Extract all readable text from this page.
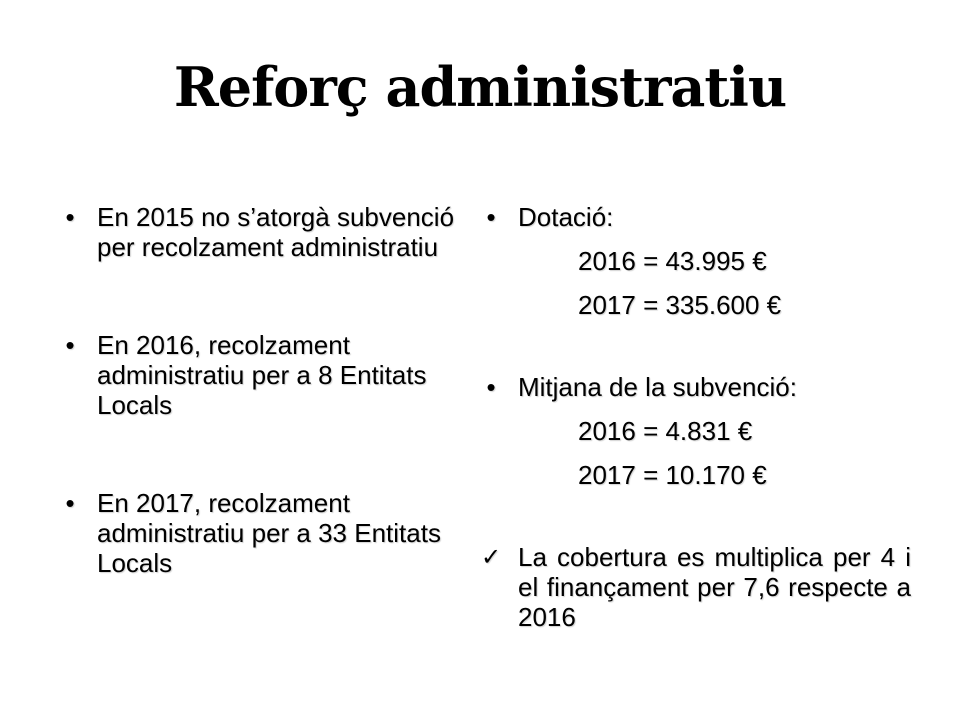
Reforç administratiu
• En 2015 no s’atorgà subvenció per recolzament administratiu
• En 2016, recolzament administratiu per a 8 Entitats Locals
• En 2017, recolzament administratiu per a 33 Entitats Locals
• Dotació:
2016 = 43.995 €
2017 = 335.600 €
• Mitjana de la subvenció:
2016 = 4.831 €
2017 = 10.170 €
✓ La cobertura es multiplica per 4 i el finançament per 7,6 respecte a 2016
